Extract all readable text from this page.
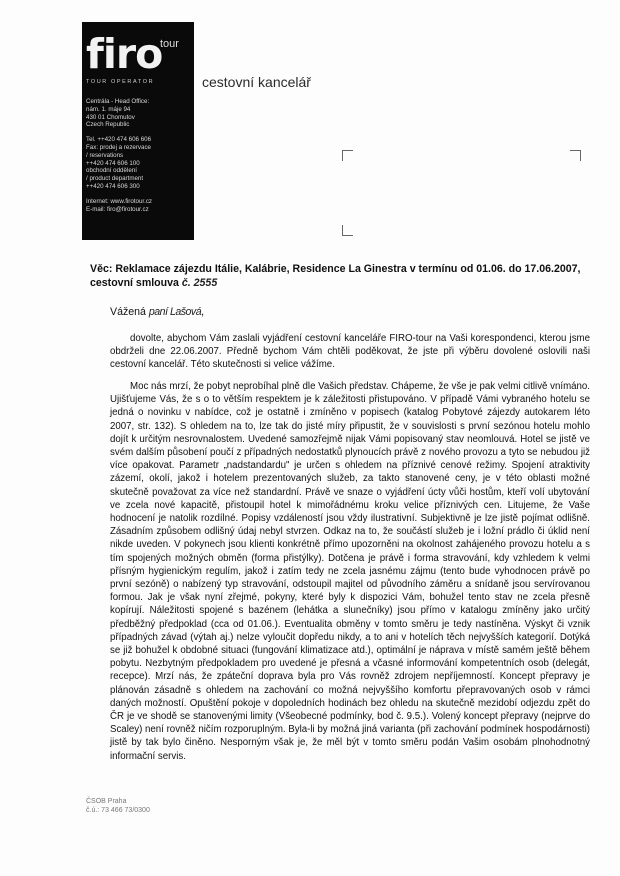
firo
tour
TOUR OPERATOR
Centrála - Head Office:
nám. 1. máje 94
430 01 Chomutov
Czech Republic
Tel. ++420 474 606 606
Fax: prodej a rezervace
/ reservations
++420 474 606 100
obchodní oddělení
/ product department
++420 474 606 300
Internet: www.firotour.cz
E-mail: firo@firotour.cz
cestovní kancelář
Věc: Reklamace zájezdu Itálie, Kalábrie, Residence La Ginestra v termínu od 01.06. do 17.06.2007, cestovní smlouva č. 2555
Vážená paní Lašová,
dovolte, abychom Vám zaslali vyjádření cestovní kanceláře FIRO-tour na Vaši korespondenci, kterou jsme obdrželi dne 22.06.2007. Předně bychom Vám chtěli poděkovat, že jste při výběru dovolené oslovili naši cestovní kancelář. Této skutečnosti si velice vážíme.
Moc nás mrzí, že pobyt neprobíhal plně dle Vašich představ. Chápeme, že vše je pak velmi citlivě vnímáno. Ujišťujeme Vás, že s o to větším respektem je k záležitosti přistupováno. V případě Vámi vybraného hotelu se jedná o novinku v nabídce, což je ostatně i zmíněno v popisech (katalog Pobytové zájezdy autokarem léto 2007, str. 132). S ohledem na to, lze tak do jisté míry připustit, že v souvislosti s první sezónou hotelu mohlo dojít k určitým nesrovnalostem. Uvedené samozřejmě nijak Vámi popisovaný stav neomlouvá. Hotel se jistě ve svém dalším působení poučí z případných nedostatků plynoucích právě z nového provozu a tyto se nebudou již více opakovat. Parametr „nadstandardu" je určen s ohledem na příznivé cenové režimy. Spojení atraktivity zázemí, okolí, jakož i hotelem prezentovaných služeb, za takto stanovené ceny, je v této oblasti možné skutečně považovat za více než standardní. Právě ve snaze o vyjádření úcty vůči hostům, kteří volí ubytování ve zcela nové kapacitě, přistoupil hotel k mimořádnému kroku velice příznivých cen. Litujeme, že Vaše hodnocení je natolik rozdílné. Popisy vzdáleností jsou vždy ilustrativní. Subjektivně je lze jistě pojímat odlišně. Zásadním způsobem odlišný údaj nebyl stvrzen. Odkaz na to, že součástí služeb je i ložní prádlo či úklid není nikde uveden. V pokynech jsou klienti konkrétně přímo upozorněni na okolnost zahájeného provozu hotelu a s tím spojených možných obměn (forma přistýlky). Dotčena je právě i forma stravování, kdy vzhledem k velmi přísným hygienickým regulím, jakož i zatím tedy ne zcela jasnému zájmu (tento bude vyhodnocen právě po první sezóně) o nabízený typ stravování, odstoupil majitel od původního záměru a snídaně jsou servírovanou formou. Jak je však nyní zřejmé, pokyny, které byly k dispozici Vám, bohužel tento stav ne zcela přesně kopírují. Náležitosti spojené s bazénem (lehátka a slunečníky) jsou přímo v katalogu zmíněny jako určitý předběžný předpoklad (cca od 01.06.). Eventualita obměny v tomto směru je tedy nastíněna. Výskyt či vznik případných závad (výtah aj.) nelze vyloučit dopředu nikdy, a to ani v hotelích těch nejvyšších kategorií. Dotýká se již bohužel k obdobné situaci (fungování klimatizace atd.), optimální je náprava v místě samém ještě během pobytu. Nezbytným předpokladem pro uvedené je přesná a včasné informování kompetentních osob (delegát, recepce). Mrzí nás, že zpáteční doprava byla pro Vás rovněž zdrojem nepříjemností. Koncept přepravy je plánován zásadně s ohledem na zachování co možná nejvyššího komfortu přepravovaných osob v rámci daných možností. Opuštění pokoje v dopoledních hodinách bez ohledu na skutečně mezidobí odjezdu zpět do ČR je ve shodě se stanovenými limity (Všeobecné podmínky, bod č. 9.5.). Volený koncept přepravy (nejprve do Scaley) není rovněž ničím rozporuplným. Byla-li by možná jiná varianta (při zachování podmínek hospodárnosti) jistě by tak bylo činěno. Nesporným však je, že měl být v tomto směru podán Vašim osobám plnohodnotný informační servis.
ČSOB Praha
č.ú.: 73 466 73/0300
